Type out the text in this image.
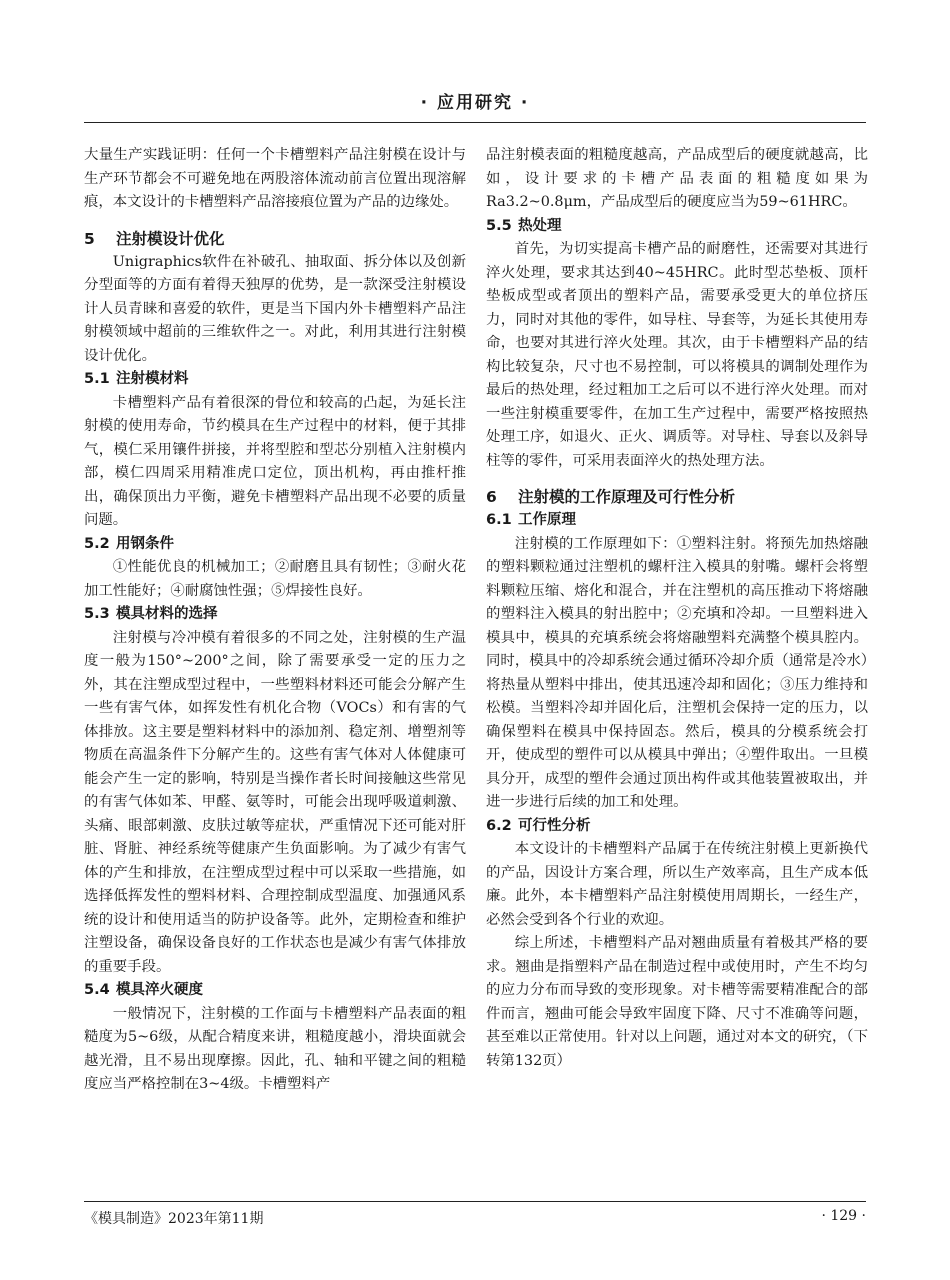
· 应用研究 ·

大量生产实践证明：任何一个卡槽塑料产品注射模在设计与生产环节都会不可避免地在两股溶体流动前言位置出现溶解痕，本文设计的卡槽塑料产品溶接痕位置为产品的边缘处。

5 注射模设计优化

Unigraphics软件在补破孔、抽取面、拆分体以及创新分型面等的方面有着得天独厚的优势，是一款深受注射模设计人员青睐和喜爱的软件，更是当下国内外卡槽塑料产品注射模领域中超前的三维软件之一。对此，利用其进行注射模设计优化。

5.1 注射模材料

卡槽塑料产品有着很深的骨位和较高的凸起，为延长注射模的使用寿命，节约模具在生产过程中的材料，便于其排气，模仁采用镶件拼接，并将型腔和型芯分别植入注射模内部，模仁四周采用精准虎口定位，顶出机构，再由推杆推出，确保顶出力平衡，避免卡槽塑料产品出现不必要的质量问题。

5.2 用钢条件

①性能优良的机械加工；②耐磨且具有韧性；③耐火花加工性能好；④耐腐蚀性强；⑤焊接性良好。

5.3 模具材料的选择

注射模与冷冲模有着很多的不同之处，注射模的生产温度一般为150°~200°之间，除了需要承受一定的压力之外，其在注塑成型过程中，一些塑料材料还可能会分解产生一些有害气体，如挥发性有机化合物（VOCs）和有害的气体排放。这主要是塑料材料中的添加剂、稳定剂、增塑剂等物质在高温条件下分解产生的。这些有害气体对人体健康可能会产生一定的影响，特别是当操作者长时间接触这些常见的有害气体如苯、甲醛、氨等时，可能会出现呼吸道刺激、头痛、眼部刺激、皮肤过敏等症状，严重情况下还可能对肝脏、肾脏、神经系统等健康产生负面影响。为了减少有害气体的产生和排放，在注塑成型过程中可以采取一些措施，如选择低挥发性的塑料材料、合理控制成型温度、加强通风系统的设计和使用适当的防护设备等。此外，定期检查和维护注塑设备，确保设备良好的工作状态也是减少有害气体排放的重要手段。

5.4 模具淬火硬度

一般情况下，注射模的工作面与卡槽塑料产品表面的粗糙度为5~6级，从配合精度来讲，粗糙度越小，滑块面就会越光滑，且不易出现摩擦。因此，孔、轴和平键之间的粗糙度应当严格控制在3~4级。卡槽塑料产

品注射模表面的粗糙度越高，产品成型后的硬度就越高，比如，设计要求的卡槽产品表面的粗糙度如果为Ra3.2~0.8μm，产品成型后的硬度应当为59~61HRC。

5.5 热处理

首先，为切实提高卡槽产品的耐磨性，还需要对其进行淬火处理，要求其达到40~45HRC。此时型芯垫板、顶杆垫板成型或者顶出的塑料产品，需要承受更大的单位挤压力，同时对其他的零件，如导柱、导套等，为延长其使用寿命，也要对其进行淬火处理。其次，由于卡槽塑料产品的结构比较复杂，尺寸也不易控制，可以将模具的调制处理作为最后的热处理，经过粗加工之后可以不进行淬火处理。而对一些注射模重要零件，在加工生产过程中，需要严格按照热处理工序，如退火、正火、调质等。对导柱、导套以及斜导柱等的零件，可采用表面淬火的热处理方法。

6 注射模的工作原理及可行性分析
6.1 工作原理

注射模的工作原理如下：①塑料注射。将预先加热熔融的塑料颗粒通过注塑机的螺杆注入模具的射嘴。螺杆会将塑料颗粒压缩、熔化和混合，并在注塑机的高压推动下将熔融的塑料注入模具的射出腔中；②充填和冷却。一旦塑料进入模具中，模具的充填系统会将熔融塑料充满整个模具腔内。同时，模具中的冷却系统会通过循环冷却介质（通常是冷水）将热量从塑料中排出，使其迅速冷却和固化；③压力维持和松模。当塑料冷却并固化后，注塑机会保持一定的压力，以确保塑料在模具中保持固态。然后，模具的分模系统会打开，使成型的塑件可以从模具中弹出；④塑件取出。一旦模具分开，成型的塑件会通过顶出构件或其他装置被取出，并进一步进行后续的加工和处理。

6.2 可行性分析

本文设计的卡槽塑料产品属于在传统注射模上更新换代的产品，因设计方案合理，所以生产效率高，且生产成本低廉。此外，本卡槽塑料产品注射模使用周期长，一经生产，必然会受到各个行业的欢迎。

综上所述，卡槽塑料产品对翘曲质量有着极其严格的要求。翘曲是指塑料产品在制造过程中或使用时，产生不均匀的应力分布而导致的变形现象。对卡槽等需要精准配合的部件而言，翘曲可能会导致牢固度下降、尺寸不准确等问题，甚至难以正常使用。针对以上问题，通过对本文的研究，（下转第132页）

《模具制造》2023年第11期	· 129 ·
